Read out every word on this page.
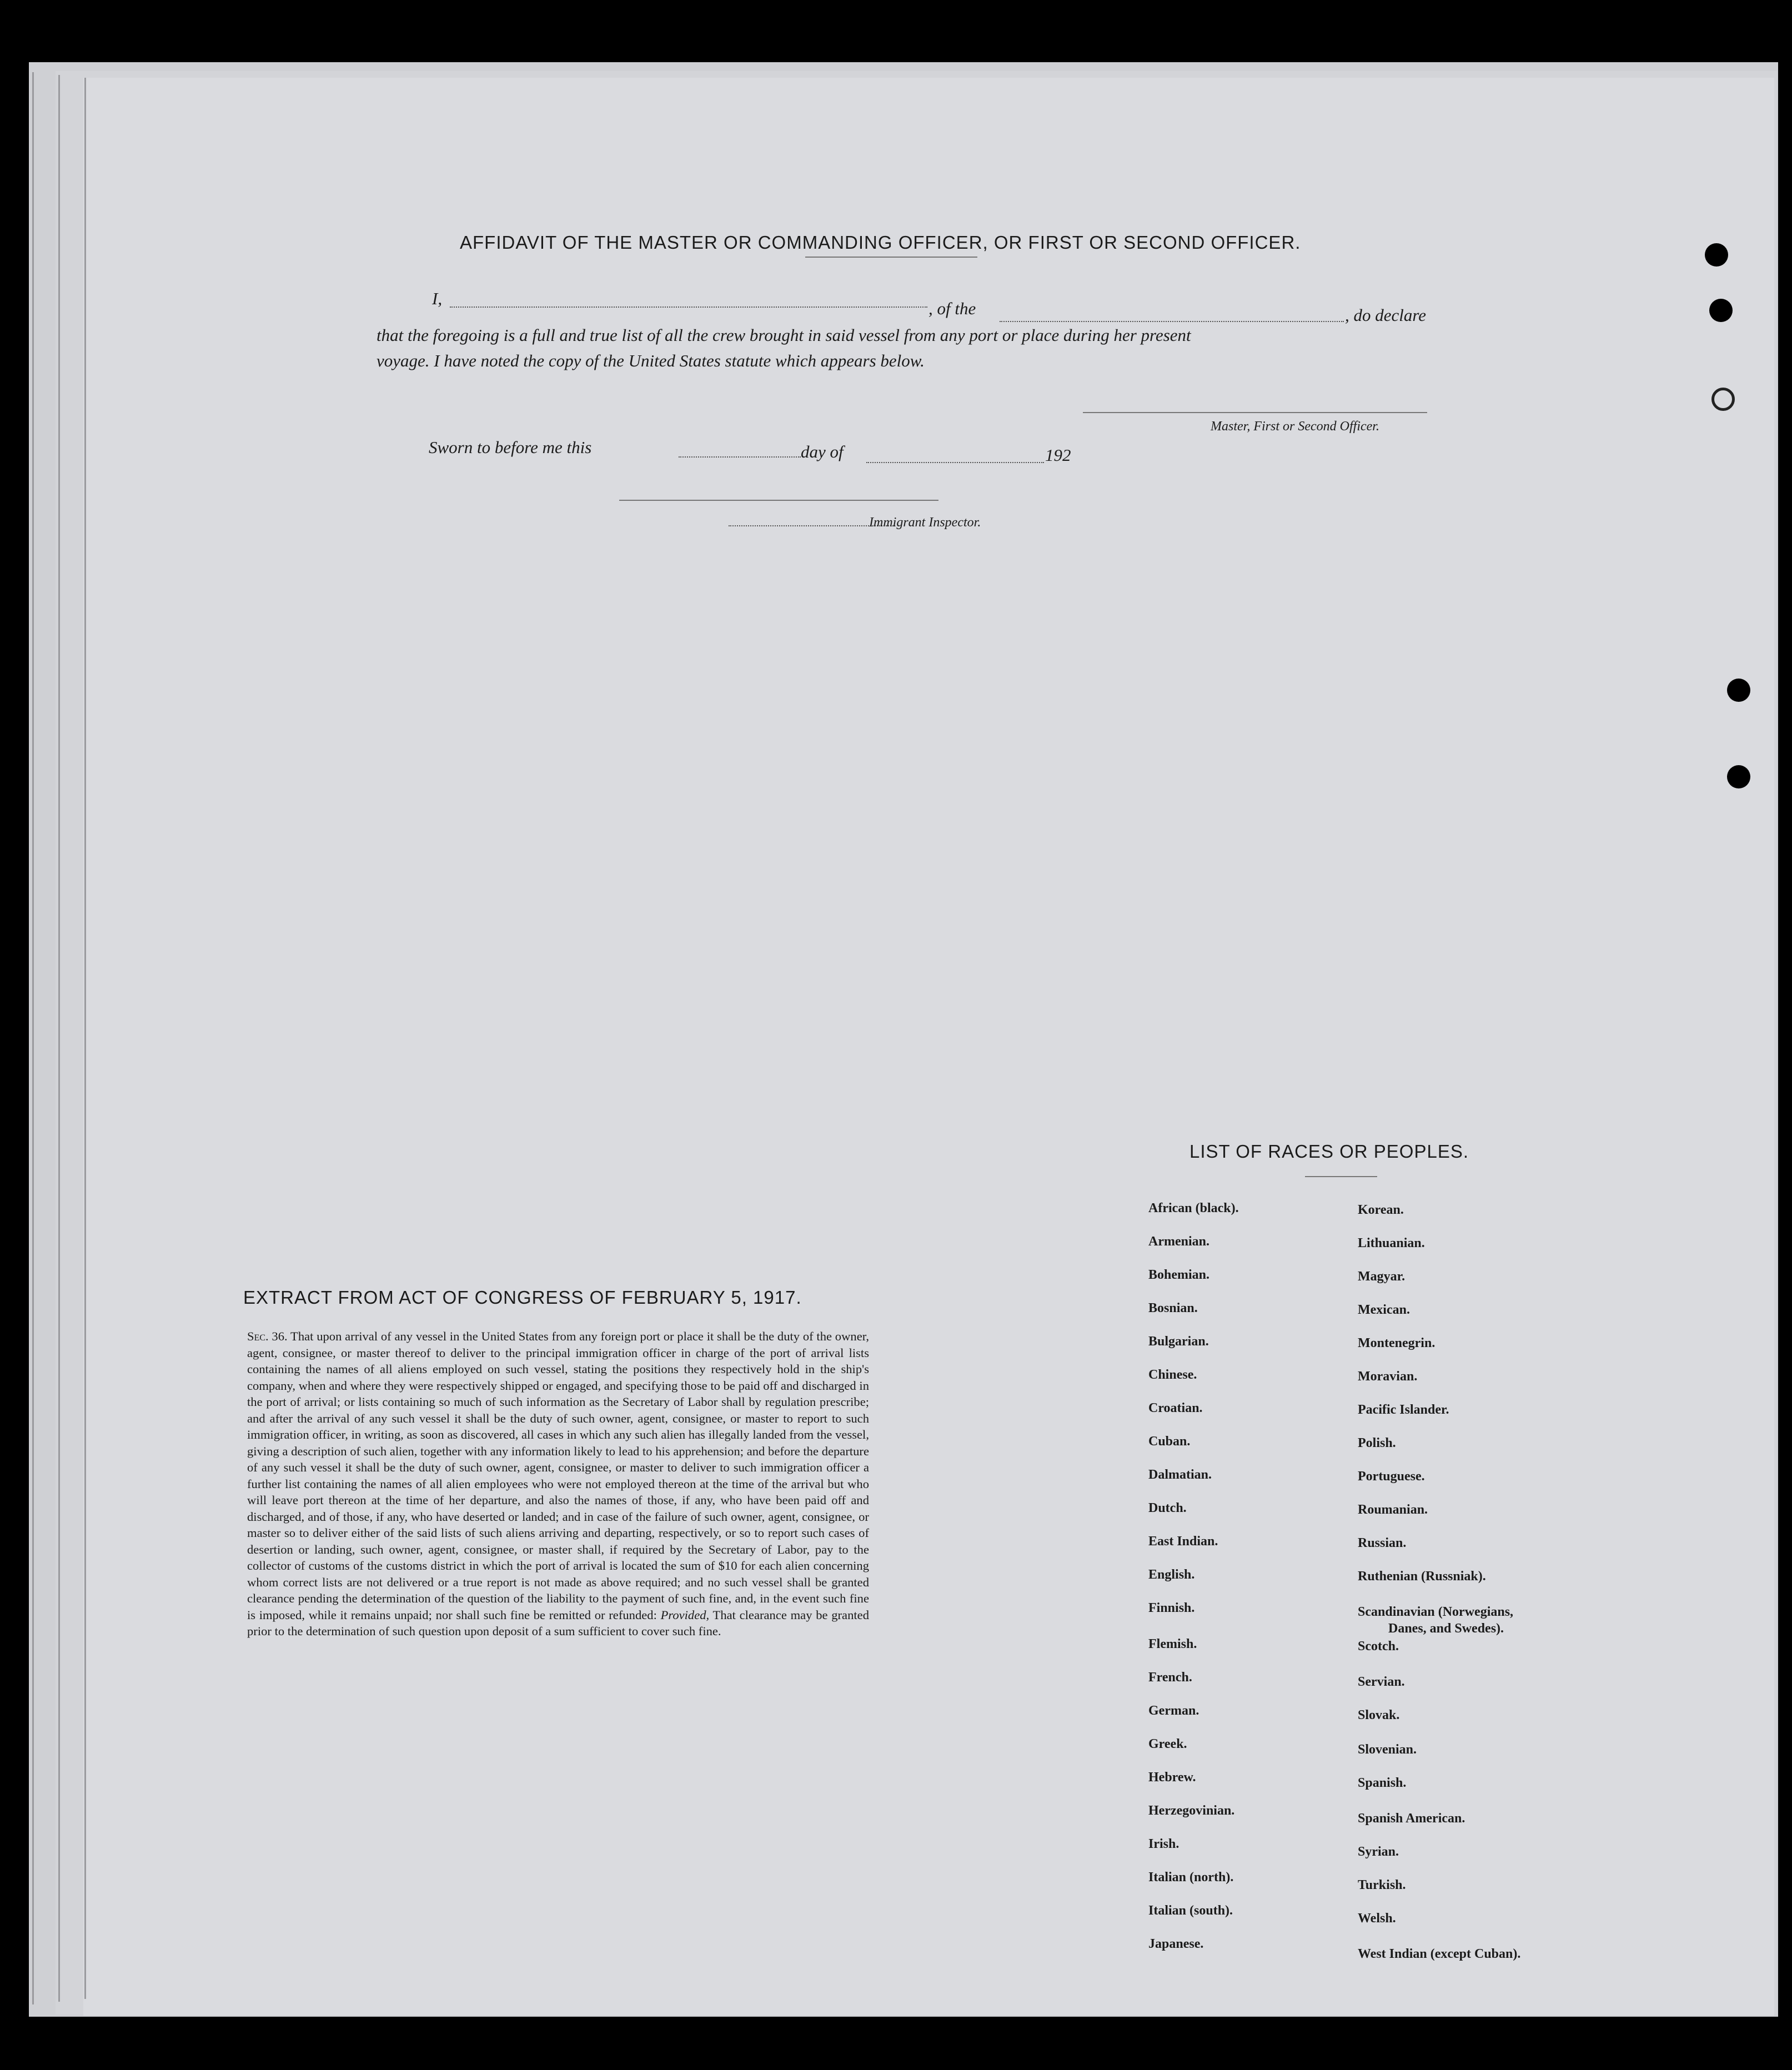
AFFIDAVIT OF THE MASTER OR COMMANDING OFFICER, OR FIRST OR SECOND OFFICER.
I,
, of the	, do declare
that the foregoing is a full and true list of all the crew brought in said vessel from any port or place during her present
voyage. I have noted the copy of the United States statute which appears below.
Master, First or Second Officer.
Sworn to before me this	day of	192
Immigrant Inspector.
EXTRACT FROM ACT OF CONGRESS OF FEBRUARY 5, 1917.
Sec. 36. That upon arrival of any vessel in the United States from any foreign port or place it shall be the duty of the owner, agent, consignee, or master thereof to deliver to the principal immigration officer in charge of the port of arrival lists containing the names of all aliens employed on such vessel, stating the positions they respectively hold in the ship's company, when and where they were respectively shipped or engaged, and specifying those to be paid off and discharged in the port of arrival; or lists containing so much of such information as the Secretary of Labor shall by regulation prescribe; and after the arrival of any such vessel it shall be the duty of such owner, agent, consignee, or master to report to such immigration officer, in writing, as soon as discovered, all cases in which any such alien has illegally landed from the vessel, giving a description of such alien, together with any information likely to lead to his apprehension; and before the departure of any such vessel it shall be the duty of such owner, agent, consignee, or master to deliver to such immigration officer a further list containing the names of all alien employees who were not employed thereon at the time of the arrival but who will leave port thereon at the time of her departure, and also the names of those, if any, who have been paid off and discharged, and of those, if any, who have deserted or landed; and in case of the failure of such owner, agent, consignee, or master so to deliver either of the said lists of such aliens arriving and departing, respectively, or so to report such cases of desertion or landing, such owner, agent, consignee, or master shall, if required by the Secretary of Labor, pay to the collector of customs of the customs district in which the port of arrival is located the sum of $10 for each alien concerning whom correct lists are not delivered or a true report is not made as above required; and no such vessel shall be granted clearance pending the determination of the question of the liability to the payment of such fine, and, in the event such fine is imposed, while it remains unpaid; nor shall such fine be remitted or refunded: Provided, That clearance may be granted prior to the determination of such question upon deposit of a sum sufficient to cover such fine.
LIST OF RACES OR PEOPLES.
African (black).
Armenian.
Bohemian.
Bosnian.
Bulgarian.
Chinese.
Croatian.
Cuban.
Dalmatian.
Dutch.
East Indian.
English.
Finnish.
Flemish.
French.
German.
Greek.
Hebrew.
Herzegovinian.
Irish.
Italian (north).
Italian (south).
Japanese.
Korean.
Lithuanian.
Magyar.
Mexican.
Montenegrin.
Moravian.
Pacific Islander.
Polish.
Portuguese.
Roumanian.
Russian.
Ruthenian (Russniak).
Scandinavian (Norwegians,
Danes, and Swedes).
Scotch.
Servian.
Slovak.
Slovenian.
Spanish.
Spanish American.
Syrian.
Turkish.
Welsh.
West Indian (except Cuban).
